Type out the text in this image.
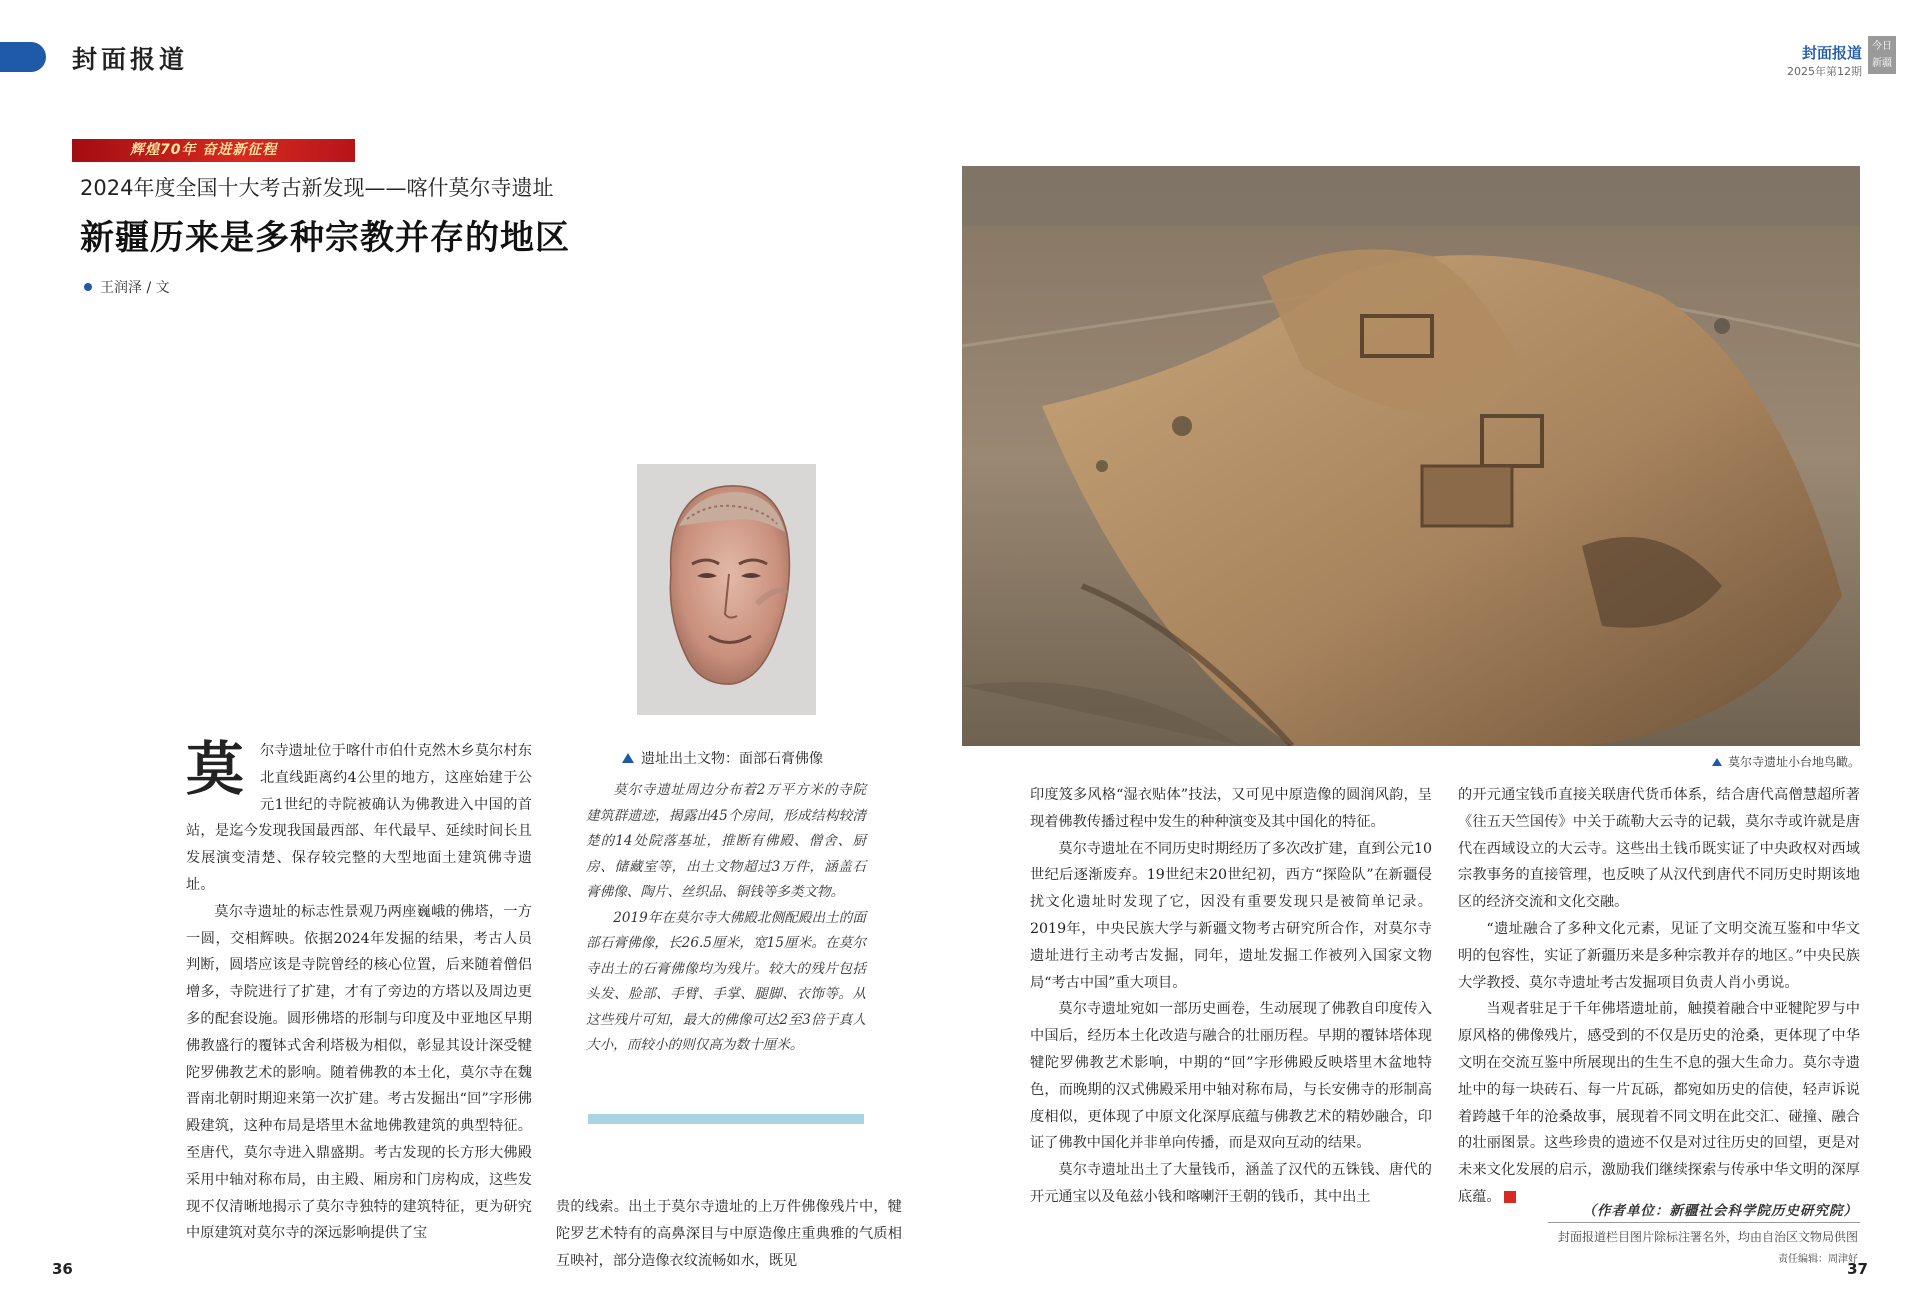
封面报道	封面报道
2025年第12期
今日
新疆
辉煌70年 奋进新征程
2024年度全国十大考古新发现——喀什莫尔寺遗址
新疆历来是多种宗教并存的地区
王润泽 / 文
遗址出土文物：面部石膏佛像

莫尔寺遗址周边分布着2万平方米的寺院建筑群遗迹，揭露出45个房间，形成结构较清楚的14处院落基址，推断有佛殿、僧舍、厨房、储藏室等，出土文物超过3万件，涵盖石膏佛像、陶片、丝织品、铜钱等多类文物。

2019年在莫尔寺大佛殿北侧配殿出土的面部石膏佛像，长26.5厘米，宽15厘米。在莫尔寺出土的石膏佛像均为残片。较大的残片包括头发、脸部、手臂、手掌、腿脚、衣饰等。从这些残片可知，最大的佛像可达2至3倍于真人大小，而较小的则仅高为数十厘米。

莫	尔寺遗址位于喀什市伯什克然木乡莫尔村东北直线距离约4公里的地方，这座始建于公元1世纪的寺院被确认为佛教进入中国的首站，是迄今发现我国最西部、年代最早、延续时间长且发展演变清楚、保存较完整的大型地面土建筑佛寺遗址。

莫尔寺遗址的标志性景观乃两座巍峨的佛塔，一方一圆，交相辉映。依据2024年发掘的结果，考古人员判断，圆塔应该是寺院曾经的核心位置，后来随着僧侣增多，寺院进行了扩建，才有了旁边的方塔以及周边更多的配套设施。圆形佛塔的形制与印度及中亚地区早期佛教盛行的覆钵式舍利塔极为相似，彰显其设计深受犍陀罗佛教艺术的影响。随着佛教的本土化，莫尔寺在魏晋南北朝时期迎来第一次扩建。考古发掘出“回”字形佛殿建筑，这种布局是塔里木盆地佛教建筑的典型特征。至唐代，莫尔寺进入鼎盛期。考古发现的长方形大佛殿采用中轴对称布局，由主殿、厢房和门房构成，这些发现不仅清晰地揭示了莫尔寺独特的建筑特征，更为研究中原建筑对莫尔寺的深远影响提供了宝

贵的线索。出土于莫尔寺遗址的上万件佛像残片中，犍陀罗艺术特有的高鼻深目与中原造像庄重典雅的气质相互映衬，部分造像衣纹流畅如水，既见

莫尔寺遗址小台地鸟瞰。

印度笈多风格“湿衣贴体”技法，又可见中原造像的圆润风韵，呈现着佛教传播过程中发生的种种演变及其中国化的特征。

莫尔寺遗址在不同历史时期经历了多次改扩建，直到公元10世纪后逐渐废弃。19世纪末20世纪初，西方“探险队”在新疆侵扰文化遗址时发现了它，因没有重要发现只是被简单记录。2019年，中央民族大学与新疆文物考古研究所合作，对莫尔寺遗址进行主动考古发掘，同年，遗址发掘工作被列入国家文物局“考古中国”重大项目。

莫尔寺遗址宛如一部历史画卷，生动展现了佛教自印度传入中国后，经历本土化改造与融合的壮丽历程。早期的覆钵塔体现犍陀罗佛教艺术影响，中期的“回”字形佛殿反映塔里木盆地特色，而晚期的汉式佛殿采用中轴对称布局，与长安佛寺的形制高度相似，更体现了中原文化深厚底蕴与佛教艺术的精妙融合，印证了佛教中国化并非单向传播，而是双向互动的结果。

莫尔寺遗址出土了大量钱币，涵盖了汉代的五铢钱、唐代的开元通宝以及龟兹小钱和喀喇汗王朝的钱币，其中出土

的开元通宝钱币直接关联唐代货币体系，结合唐代高僧慧超所著《往五天竺国传》中关于疏勒大云寺的记载，莫尔寺或许就是唐代在西域设立的大云寺。这些出土钱币既实证了中央政权对西域宗教事务的直接管理，也反映了从汉代到唐代不同历史时期该地区的经济交流和文化交融。

“遗址融合了多种文化元素，见证了文明交流互鉴和中华文明的包容性，实证了新疆历来是多种宗教并存的地区。”中央民族大学教授、莫尔寺遗址考古发掘项目负责人肖小勇说。

当观者驻足于千年佛塔遗址前，触摸着融合中亚犍陀罗与中原风格的佛像残片，感受到的不仅是历史的沧桑，更体现了中华文明在交流互鉴中所展现出的生生不息的强大生命力。莫尔寺遗址中的每一块砖石、每一片瓦砾，都宛如历史的信使，轻声诉说着跨越千年的沧桑故事，展现着不同文明在此交汇、碰撞、融合的壮丽图景。这些珍贵的遗迹不仅是对过往历史的回望，更是对未来文化发展的启示，激励我们继续探索与传承中华文明的深厚底蕴。

（作者单位：新疆社会科学院历史研究院）
封面报道栏目图片除标注署名外，均由自治区文物局供图
责任编辑：周津好
36	37
